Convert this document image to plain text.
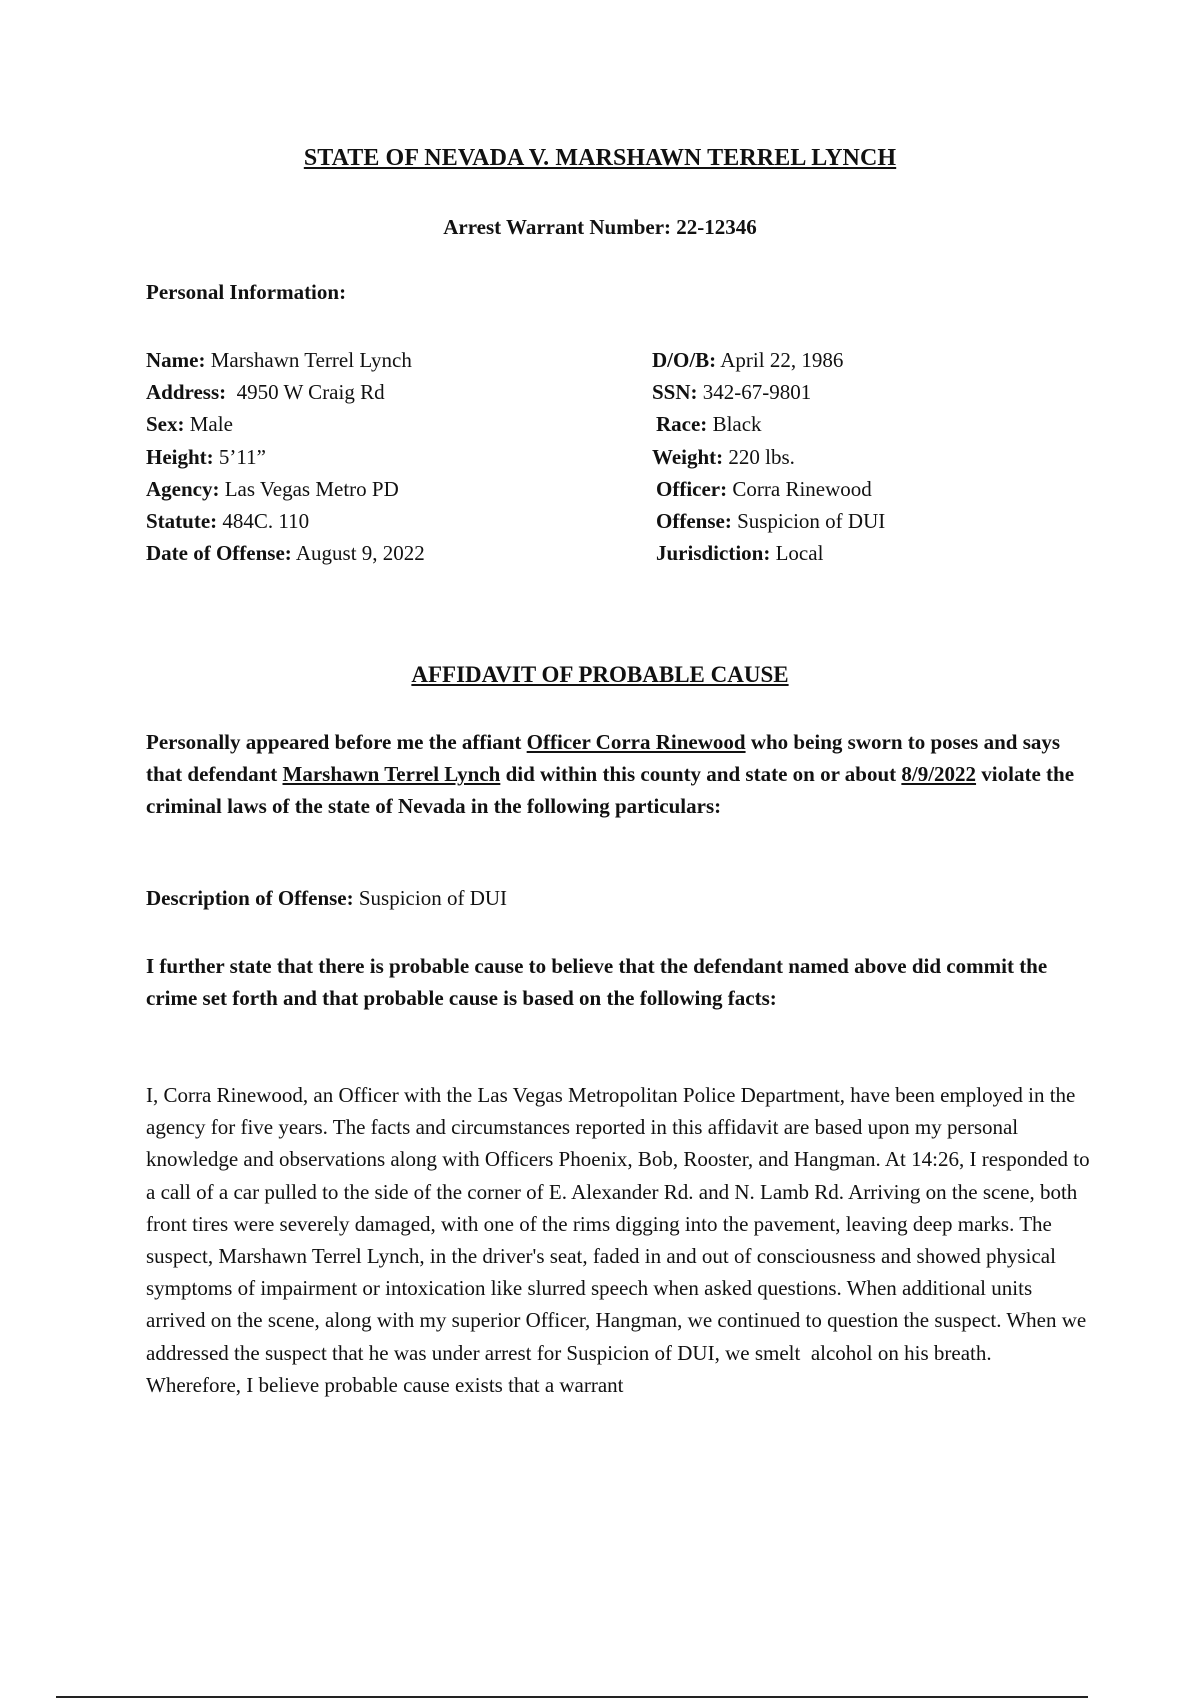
STATE OF NEVADA V. MARSHAWN TERREL LYNCH
Arrest Warrant Number: 22-12346
Personal Information:
Name: Marshawn Terrel Lynch
Address:  4950 W Craig Rd
Sex: Male
Height: 5’11”
Agency: Las Vegas Metro PD
Statute: 484C. 110
Date of Offense: August 9, 2022
D/O/B: April 22, 1986
SSN: 342-67-9801
Race: Black
Weight: 220 lbs.
Officer: Corra Rinewood
Offense: Suspicion of DUI
Jurisdiction: Local
AFFIDAVIT OF PROBABLE CAUSE
Personally appeared before me the affiant Officer Corra Rinewood who being sworn to poses and says that defendant Marshawn Terrel Lynch did within this county and state on or about 8/9/2022 violate the criminal laws of the state of Nevada in the following particulars:
Description of Offense: Suspicion of DUI
I further state that there is probable cause to believe that the defendant named above did commit the crime set forth and that probable cause is based on the following facts:
I, Corra Rinewood, an Officer with the Las Vegas Metropolitan Police Department, have been employed in the agency for five years. The facts and circumstances reported in this affidavit are based upon my personal knowledge and observations along with Officers Phoenix, Bob, Rooster, and Hangman. At 14:26, I responded to a call of a car pulled to the side of the corner of E. Alexander Rd. and N. Lamb Rd. Arriving on the scene, both front tires were severely damaged, with one of the rims digging into the pavement, leaving deep marks. The suspect, Marshawn Terrel Lynch, in the driver's seat, faded in and out of consciousness and showed physical symptoms of impairment or intoxication like slurred speech when asked questions. When additional units arrived on the scene, along with my superior Officer, Hangman, we continued to question the suspect. When we addressed the suspect that he was under arrest for Suspicion of DUI, we smelt  alcohol on his breath. Wherefore, I believe probable cause exists that a warrant
